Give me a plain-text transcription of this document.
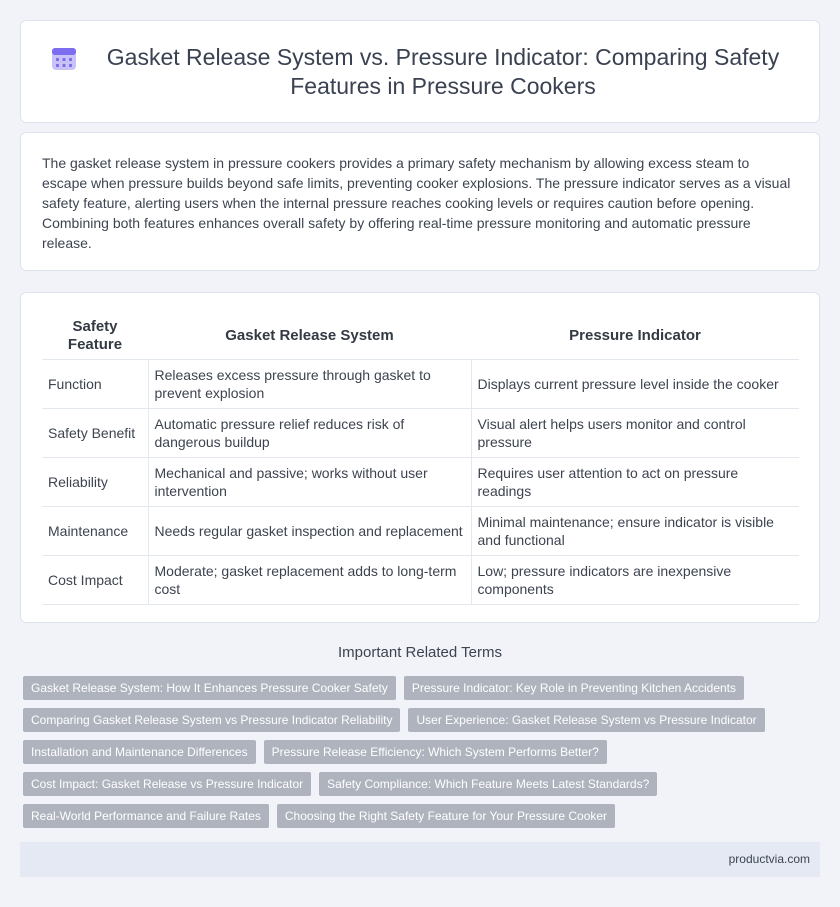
Gasket Release System vs. Pressure Indicator: Comparing Safety Features in Pressure Cookers

The gasket release system in pressure cookers provides a primary safety mechanism by allowing excess steam to escape when pressure builds beyond safe limits, preventing cooker explosions. The pressure indicator serves as a visual safety feature, alerting users when the internal pressure reaches cooking levels or requires caution before opening. Combining both features enhances overall safety by offering real-time pressure monitoring and automatic pressure release.

Safety Feature	Gasket Release System	Pressure Indicator
Function	Releases excess pressure through gasket to prevent explosion	Displays current pressure level inside the cooker
Safety Benefit	Automatic pressure relief reduces risk of dangerous buildup	Visual alert helps users monitor and control pressure
Reliability	Mechanical and passive; works without user intervention	Requires user attention to act on pressure readings
Maintenance	Needs regular gasket inspection and replacement	Minimal maintenance; ensure indicator is visible and functional
Cost Impact	Moderate; gasket replacement adds to long-term cost	Low; pressure indicators are inexpensive components
Important Related Terms
Gasket Release System: How It Enhances Pressure Cooker Safety	Pressure Indicator: Key Role in Preventing Kitchen Accidents
Comparing Gasket Release System vs Pressure Indicator Reliability	User Experience: Gasket Release System vs Pressure Indicator
Installation and Maintenance Differences	Pressure Release Efficiency: Which System Performs Better?
Cost Impact: Gasket Release vs Pressure Indicator	Safety Compliance: Which Feature Meets Latest Standards?
Real-World Performance and Failure Rates	Choosing the Right Safety Feature for Your Pressure Cooker
productvia.com
